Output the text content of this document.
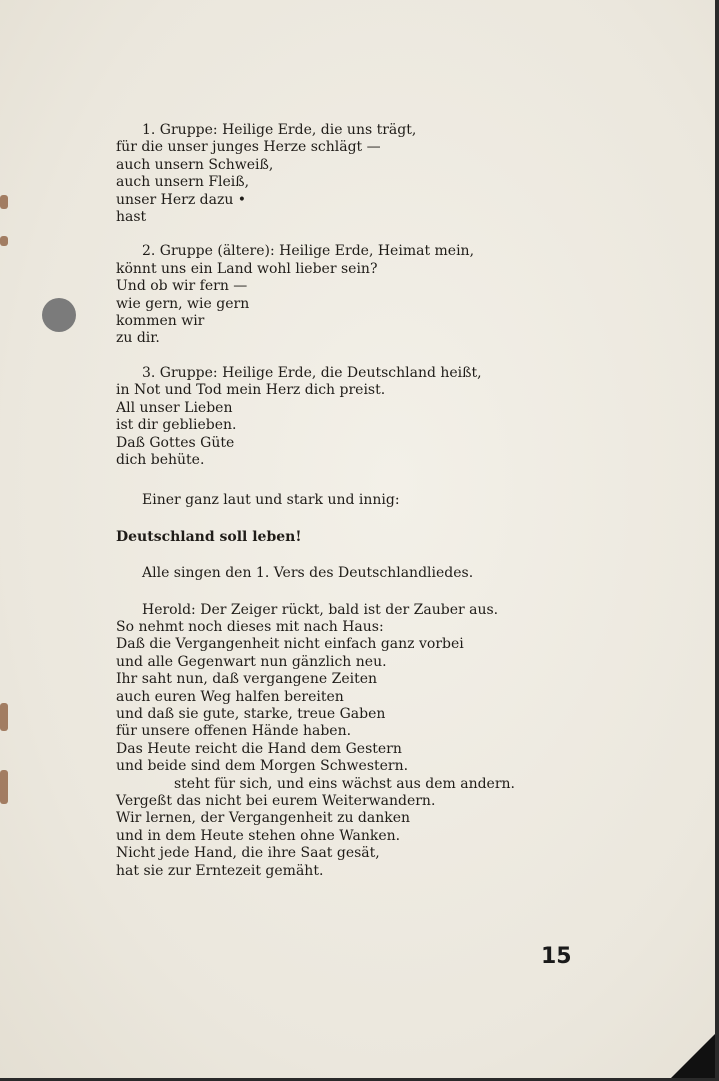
1. Gruppe: Heilige Erde, die uns trägt,
für die unser junges Herze schlägt —
auch unsern Schweiß,
auch unsern Fleiß,
unser Herz dazu •
hast
2. Gruppe (ältere): Heilige Erde, Heimat mein,
könnt uns ein Land wohl lieber sein?
Und ob wir fern —
wie gern, wie gern
kommen wir
zu dir.
3. Gruppe: Heilige Erde, die Deutschland heißt,
in Not und Tod mein Herz dich preist.
All unser Lieben
ist dir geblieben.
Daß Gottes Güte
dich behüte.
Einer ganz laut und stark und innig:
Deutschland soll leben!
Alle singen den 1. Vers des Deutschlandliedes.
Herold: Der Zeiger rückt, bald ist der Zauber aus.
So nehmt noch dieses mit nach Haus:
Daß die Vergangenheit nicht einfach ganz vorbei
und alle Gegenwart nun gänzlich neu.
Ihr saht nun, daß vergangene Zeiten
auch euren Weg halfen bereiten
und daß sie gute, starke, treue Gaben
für unsere offenen Hände haben.
Das Heute reicht die Hand dem Gestern
und beide sind dem Morgen Schwestern.
steht für sich, und eins wächst aus dem andern.
Vergeßt das nicht bei eurem Weiterwandern.
Wir lernen, der Vergangenheit zu danken
und in dem Heute stehen ohne Wanken.
Nicht jede Hand, die ihre Saat gesät,
hat sie zur Erntezeit gemäht.
15
